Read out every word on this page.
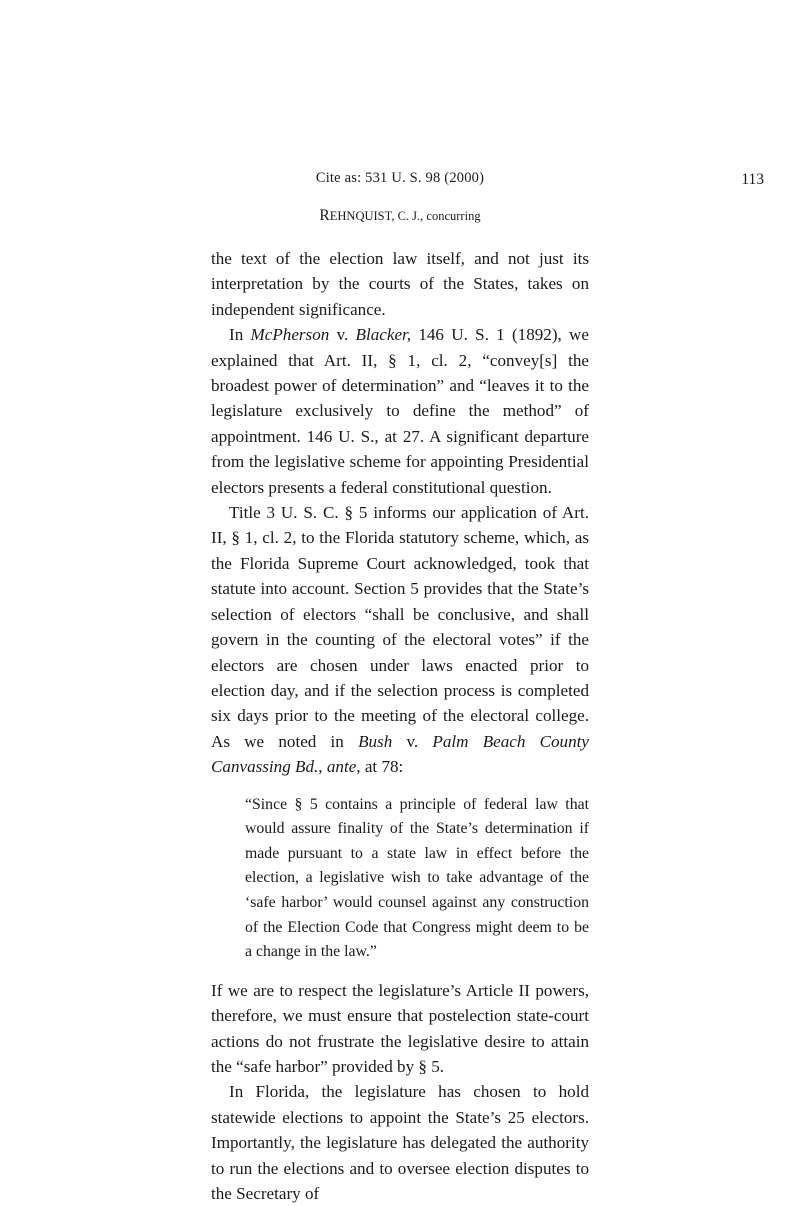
Cite as: 531 U. S. 98 (2000)	113
REHNQUIST, C. J., concurring

the text of the election law itself, and not just its interpretation by the courts of the States, takes on independent significance.

In McPherson v. Blacker, 146 U. S. 1 (1892), we explained that Art. II, § 1, cl. 2, “convey[s] the broadest power of determination” and “leaves it to the legislature exclusively to define the method” of appointment. 146 U. S., at 27. A significant departure from the legislative scheme for appointing Presidential electors presents a federal constitutional question.

Title 3 U. S. C. § 5 informs our application of Art. II, § 1, cl. 2, to the Florida statutory scheme, which, as the Florida Supreme Court acknowledged, took that statute into account. Section 5 provides that the State’s selection of electors “shall be conclusive, and shall govern in the counting of the electoral votes” if the electors are chosen under laws enacted prior to election day, and if the selection process is completed six days prior to the meeting of the electoral college. As we noted in Bush v. Palm Beach County Canvassing Bd., ante, at 78:

“Since § 5 contains a principle of federal law that would assure finality of the State’s determination if made pursuant to a state law in effect before the election, a legislative wish to take advantage of the ‘safe harbor’ would counsel against any construction of the Election Code that Congress might deem to be a change in the law.”

If we are to respect the legislature’s Article II powers, therefore, we must ensure that postelection state-court actions do not frustrate the legislative desire to attain the “safe harbor” provided by § 5.

In Florida, the legislature has chosen to hold statewide elections to appoint the State’s 25 electors. Importantly, the legislature has delegated the authority to run the elections and to oversee election disputes to the Secretary of
